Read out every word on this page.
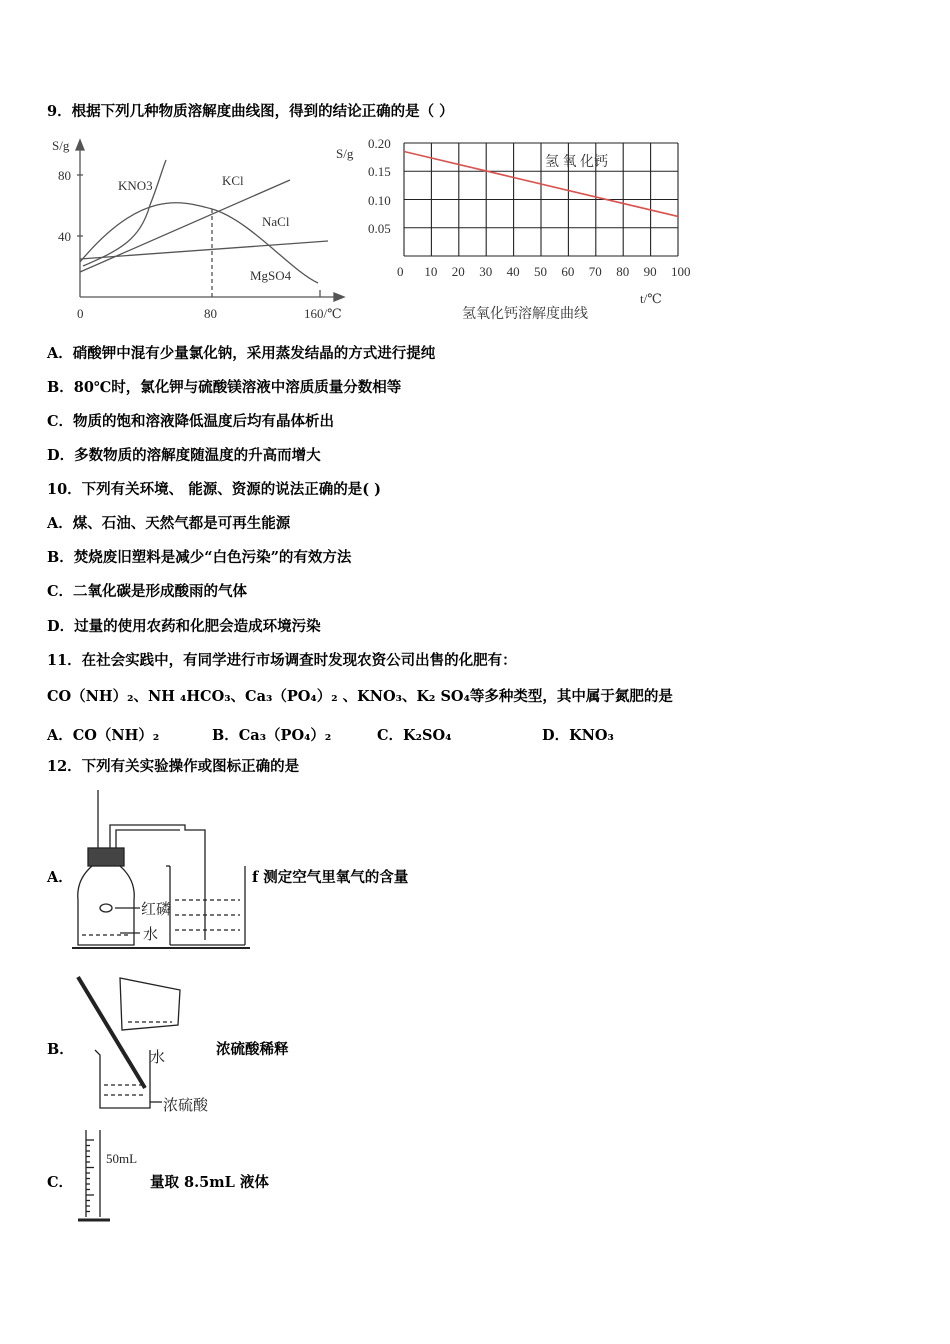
9．根据下列几种物质溶解度曲线图，得到的结论正确的是（ ）
S/g
80
40
0	80	160/℃
KNO3	KCl
NaCl
MgSO4
S/g
0.20
0.15
0.10
0.05
氢 氧 化钙
t/℃
氢氧化钙溶解度曲线
0 10 20 30 40 50 60 70 80 90 100
A．硝酸钾中混有少量氯化钠，采用蒸发结晶的方式进行提纯
B．80℃时，氯化钾与硫酸镁溶液中溶质质量分数相等
C．物质的饱和溶液降低温度后均有晶体析出
D．多数物质的溶解度随温度的升高而增大
10．下列有关环境、 能源、资源的说法正确的是( )
A．煤、石油、天然气都是可再生能源
B．焚烧废旧塑料是减少“白色污染”的有效方法
C．二氧化碳是形成酸雨的气体
D．过量的使用农药和化肥会造成环境污染
11．在社会实践中，有同学进行市场调查时发现农资公司出售的化肥有：
CO（NH）₂、NH ₄HCO₃、Ca₃（PO₄）₂ 、KNO₃、K₂ SO₄等多种类型，其中属于氮肥的是
A．CO（NH）₂	B．Ca₃（PO₄）₂	C．K₂SO₄	D．KNO₃
12．下列有关实验操作或图标正确的是
A．	f 测定空气里氧气的含量
B．	浓硫酸稀释
C．	量取 8.5mL 液体
红磷
水
水
浓硫酸
50mL
